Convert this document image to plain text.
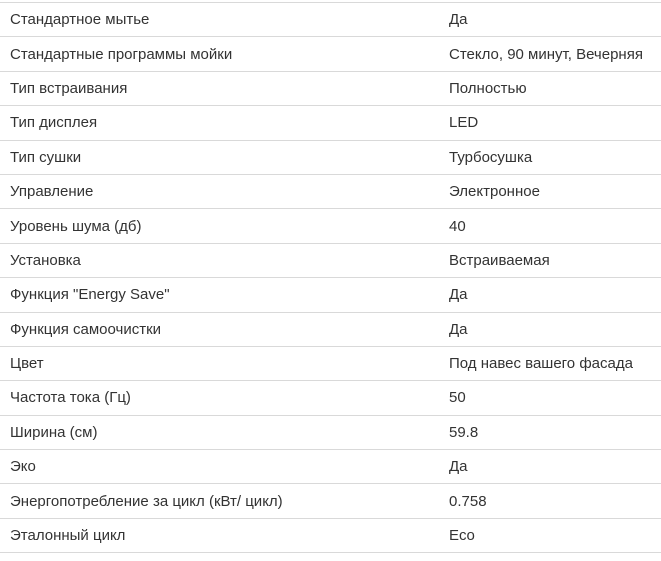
Стандартное мытье	Да
Стандартные программы мойки	Стекло, 90 минут, Вечерняя
Тип встраивания	Полностью
Тип дисплея	LED
Тип сушки	Турбосушка
Управление	Электронное
Уровень шума (дб)	40
Установка	Встраиваемая
Функция "Energy Save"	Да
Функция самоочистки	Да
Цвет	Под навес вашего фасада
Частота тока (Гц)	50
Ширина (см)	59.8
Эко	Да
Энергопотребление за цикл (кВт/ цикл)	0.758
Эталонный цикл	Eco
